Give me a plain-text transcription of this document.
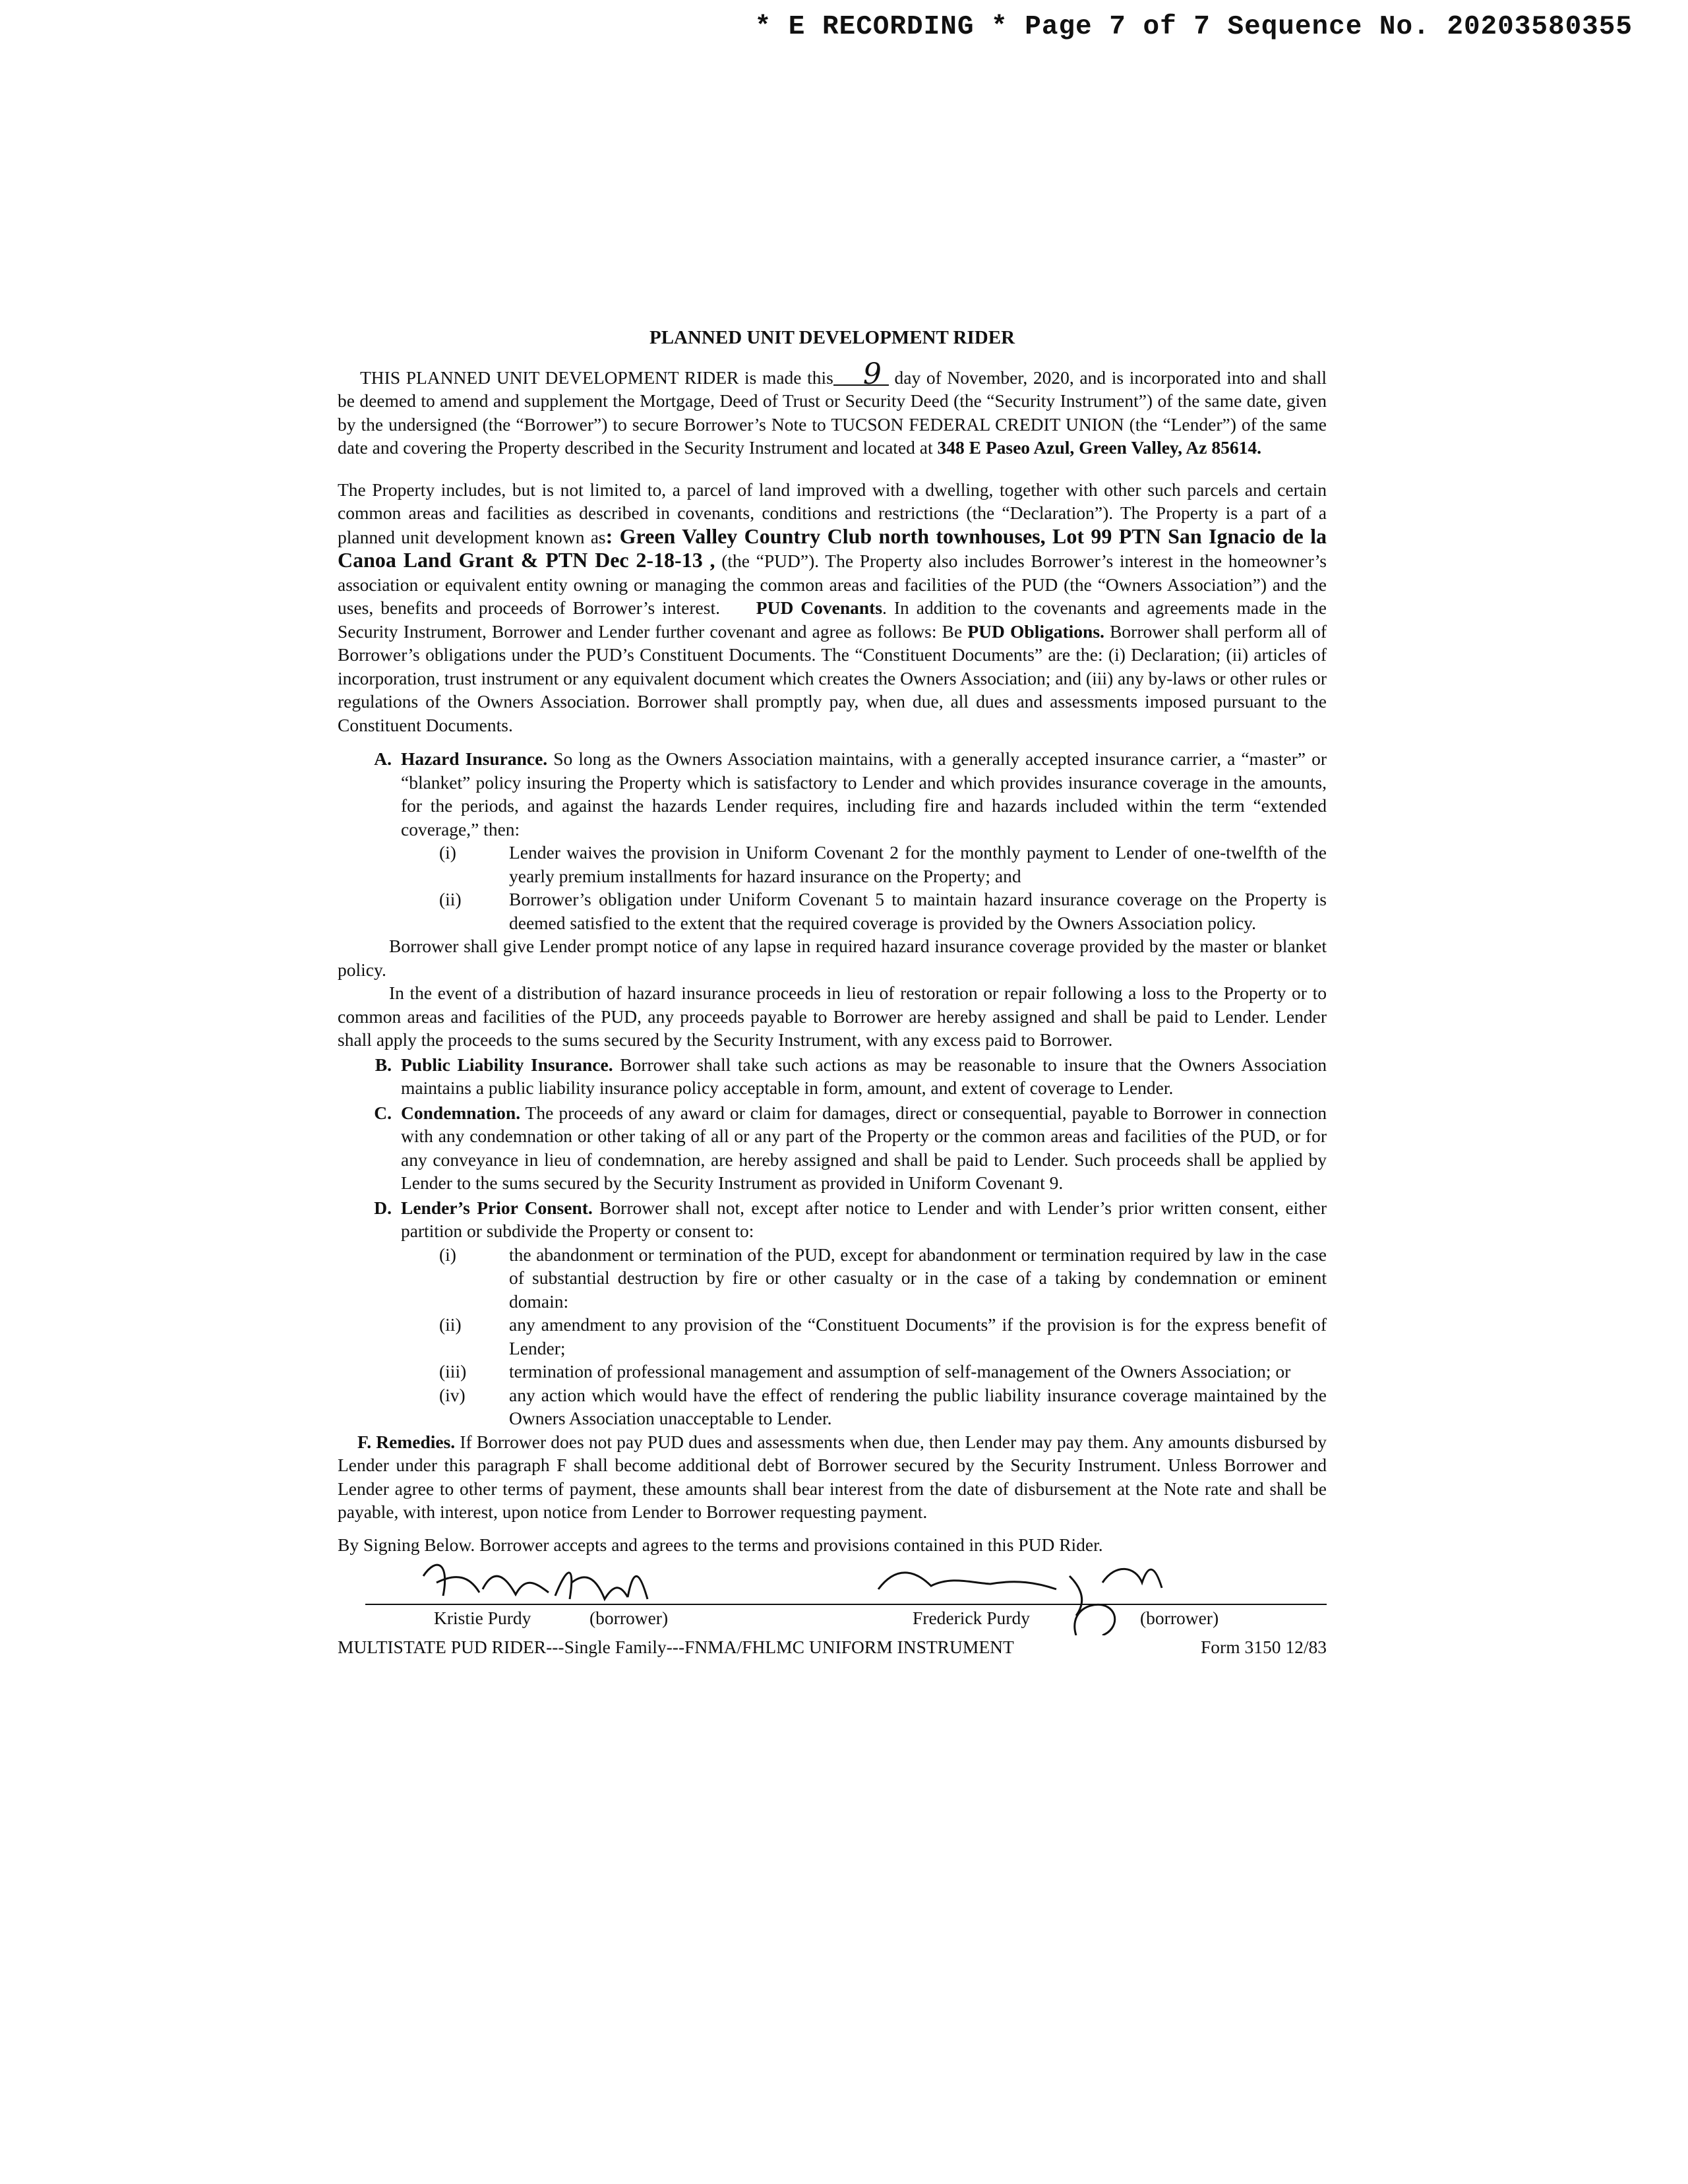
* E RECORDING * Page 7 of 7 Sequence No. 20203580355
PLANNED UNIT DEVELOPMENT RIDER

THIS PLANNED UNIT DEVELOPMENT RIDER is made this 9 day of November, 2020, and is incorporated into and shall be deemed to amend and supplement the Mortgage, Deed of Trust or Security Deed (the “Security Instrument”) of the same date, given by the undersigned (the “Borrower”) to secure Borrower’s Note to TUCSON FEDERAL CREDIT UNION (the “Lender”) of the same date and covering the Property described in the Security Instrument and located at 348 E Paseo Azul, Green Valley, Az 85614.

The Property includes, but is not limited to, a parcel of land improved with a dwelling, together with other such parcels and certain common areas and facilities as described in covenants, conditions and restrictions (the “Declaration”). The Property is a part of a planned unit development known as: Green Valley Country Club north townhouses, Lot 99 PTN San Ignacio de la Canoa Land Grant & PTN Dec 2-18-13 , (the “PUD”). The Property also includes Borrower’s interest in the homeowner’s association or equivalent entity owning or managing the common areas and facilities of the PUD (the “Owners Association”) and the uses, benefits and proceeds of Borrower’s interest. PUD Covenants. In addition to the covenants and agreements made in the Security Instrument, Borrower and Lender further covenant and agree as follows: Be PUD Obligations. Borrower shall perform all of Borrower’s obligations under the PUD’s Constituent Documents. The “Constituent Documents” are the: (i) Declaration; (ii) articles of incorporation, trust instrument or any equivalent document which creates the Owners Association; and (iii) any by-laws or other rules or regulations of the Owners Association. Borrower shall promptly pay, when due, all dues and assessments imposed pursuant to the Constituent Documents.

A. Hazard Insurance. So long as the Owners Association maintains, with a generally accepted insurance carrier, a “master” or “blanket” policy insuring the Property which is satisfactory to Lender and which provides insurance coverage in the amounts, for the periods, and against the hazards Lender requires, including fire and hazards included within the term “extended coverage,” then:
(i)	Lender waives the provision in Uniform Covenant 2 for the monthly payment to Lender of one-twelfth of the yearly premium installments for hazard insurance on the Property; and
(ii)	Borrower’s obligation under Uniform Covenant 5 to maintain hazard insurance coverage on the Property is deemed satisfied to the extent that the required coverage is provided by the Owners Association policy.

Borrower shall give Lender prompt notice of any lapse in required hazard insurance coverage provided by the master or blanket policy.

In the event of a distribution of hazard insurance proceeds in lieu of restoration or repair following a loss to the Property or to common areas and facilities of the PUD, any proceeds payable to Borrower are hereby assigned and shall be paid to Lender. Lender shall apply the proceeds to the sums secured by the Security Instrument, with any excess paid to Borrower.

B. Public Liability Insurance. Borrower shall take such actions as may be reasonable to insure that the Owners Association maintains a public liability insurance policy acceptable in form, amount, and extent of coverage to Lender.
C. Condemnation. The proceeds of any award or claim for damages, direct or consequential, payable to Borrower in connection with any condemnation or other taking of all or any part of the Property or the common areas and facilities of the PUD, or for any conveyance in lieu of condemnation, are hereby assigned and shall be paid to Lender. Such proceeds shall be applied by Lender to the sums secured by the Security Instrument as provided in Uniform Covenant 9.
D. Lender’s Prior Consent. Borrower shall not, except after notice to Lender and with Lender’s prior written consent, either partition or subdivide the Property or consent to:
(i)	the abandonment or termination of the PUD, except for abandonment or termination required by law in the case of substantial destruction by fire or other casualty or in the case of a taking by condemnation or eminent domain:
(ii)	any amendment to any provision of the “Constituent Documents” if the provision is for the express benefit of Lender;
(iii)	termination of professional management and assumption of self-management of the Owners Association; or
(iv)	any action which would have the effect of rendering the public liability insurance coverage maintained by the Owners Association unacceptable to Lender.

F. Remedies. If Borrower does not pay PUD dues and assessments when due, then Lender may pay them. Any amounts disbursed by Lender under this paragraph F shall become additional debt of Borrower secured by the Security Instrument. Unless Borrower and Lender agree to other terms of payment, these amounts shall bear interest from the date of disbursement at the Note rate and shall be payable, with interest, upon notice from Lender to Borrower requesting payment.

By Signing Below. Borrower accepts and agrees to the terms and provisions contained in this PUD Rider.
Kristie Purdy	(borrower)	Frederick Purdy	(borrower)
MULTISTATE PUD RIDER---Single Family---FNMA/FHLMC UNIFORM INSTRUMENT	Form 3150 12/83
